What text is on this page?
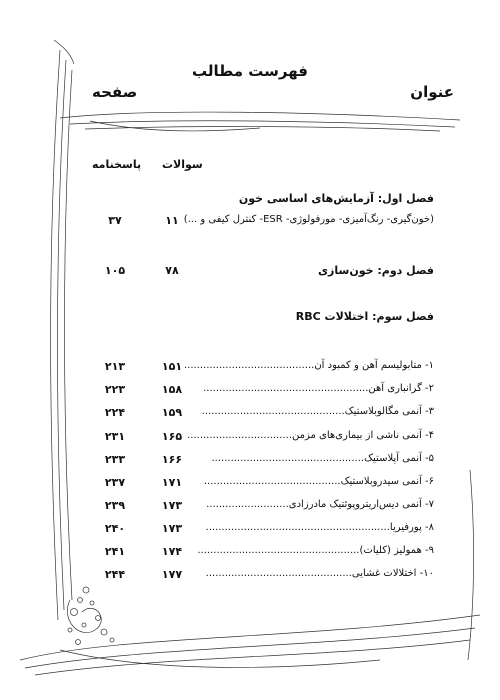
فهرست مطالب
عنوان
صفحه
سوالات
پاسخنامه
فصل اول: آزمایش‌های اساسی خون
(خون‌گیری- رنگ‌آمیزی- مورفولوژی- ESR- کنترل کیفی و ...)
۱۱
۳۷
فصل دوم: خون‌سازی
۷۸
۱۰۵
فصل سوم: اختلالات RBC
۱- متابولیسم آهن و کمبود آن.........................................
۱۵۱
۲۱۳
۲- گرانباری آهن....................................................
۱۵۸
۲۲۳
۳- آنمی مگالوبلاستیک.............................................
۱۵۹
۲۲۴
۴- آنمی ناشی از بیماری‌های مزمن.................................
۱۶۵
۲۳۱
۵- آنمی آپلاستیک................................................
۱۶۶
۲۳۳
۶- آنمی سیدروبلاستیک...........................................
۱۷۱
۲۳۷
۷- آنمی دیس‌اریتروپوئتیک مادرزادی..........................
۱۷۳
۲۳۹
۸- پورفیریا..........................................................
۱۷۳
۲۴۰
۹- همولیز (کلیات)...................................................
۱۷۴
۲۴۱
۱۰- اختلالات غشایی..............................................
۱۷۷
۲۴۴
